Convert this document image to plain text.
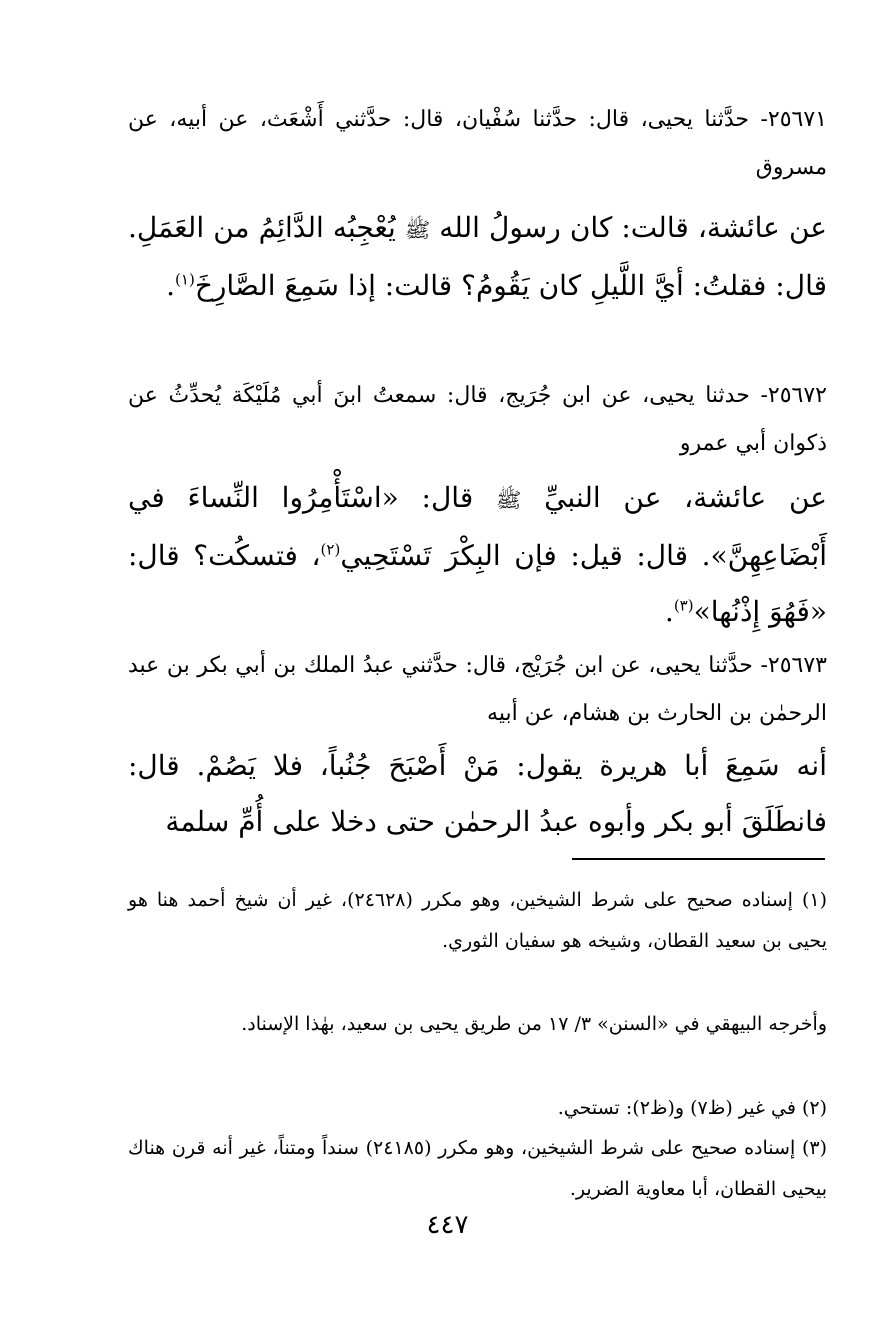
٢٥٦٧١- حدَّثنا يحيى، قال: حدَّثنا سُفْيان، قال: حدَّثني أَشْعَث، عن أبيه، عن مسروق
عن عائشة، قالت: كان رسولُ الله ﷺ يُعْجِبُه الدَّائِمُ من العَمَلِ. قال: فقلتُ: أيَّ اللَّيلِ كان يَقُومُ؟ قالت: إذا سَمِعَ الصَّارِخَ$^{(١)}$.
٢٥٦٧٢- حدثنا يحيى، عن ابن جُرَيج، قال: سمعتُ ابنَ أبي مُلَيْكَة يُحدِّثُ عن ذكوان أبي عمرو
عن عائشة، عن النبيِّ ﷺ قال: «اسْتَأْمِرُوا النِّساءَ في أَبْضَاعِهِنَّ». قال: قيل: فإن البِكْرَ تَسْتَحِيي$^{(٢)}$، فتسكُت؟ قال: «فَهُوَ إِذْنُها»$^{(٣)}$.
٢٥٦٧٣- حدَّثنا يحيى، عن ابن جُرَيْج، قال: حدَّثني عبدُ الملك بن أبي بكر بن عبد الرحمٰن بن الحارث بن هشام، عن أبيه
أنه سَمِعَ أبا هريرة يقول: مَنْ أَصْبَحَ جُنُباً، فلا يَصُمْ. قال: فانطَلَقَ أبو بكر وأبوه عبدُ الرحمٰن حتى دخلا على أُمِّ سلمة
(١) إسناده صحيح على شرط الشيخين، وهو مكرر (٢٤٦٢٨)، غير أن شيخ أحمد هنا هو يحيى بن سعيد القطان، وشيخه هو سفيان الثوري.
وأخرجه البيهقي في «السنن» ٣/ ١٧ من طريق يحيى بن سعيد، بهٰذا الإسناد.
(٢) في غير (ظ٧) و(ظ٢): تستحي.
(٣) إسناده صحيح على شرط الشيخين، وهو مكرر (٢٤١٨٥) سنداً ومتناً، غير أنه قرن هناك بيحيى القطان، أبا معاوية الضرير.
٤٤٧
